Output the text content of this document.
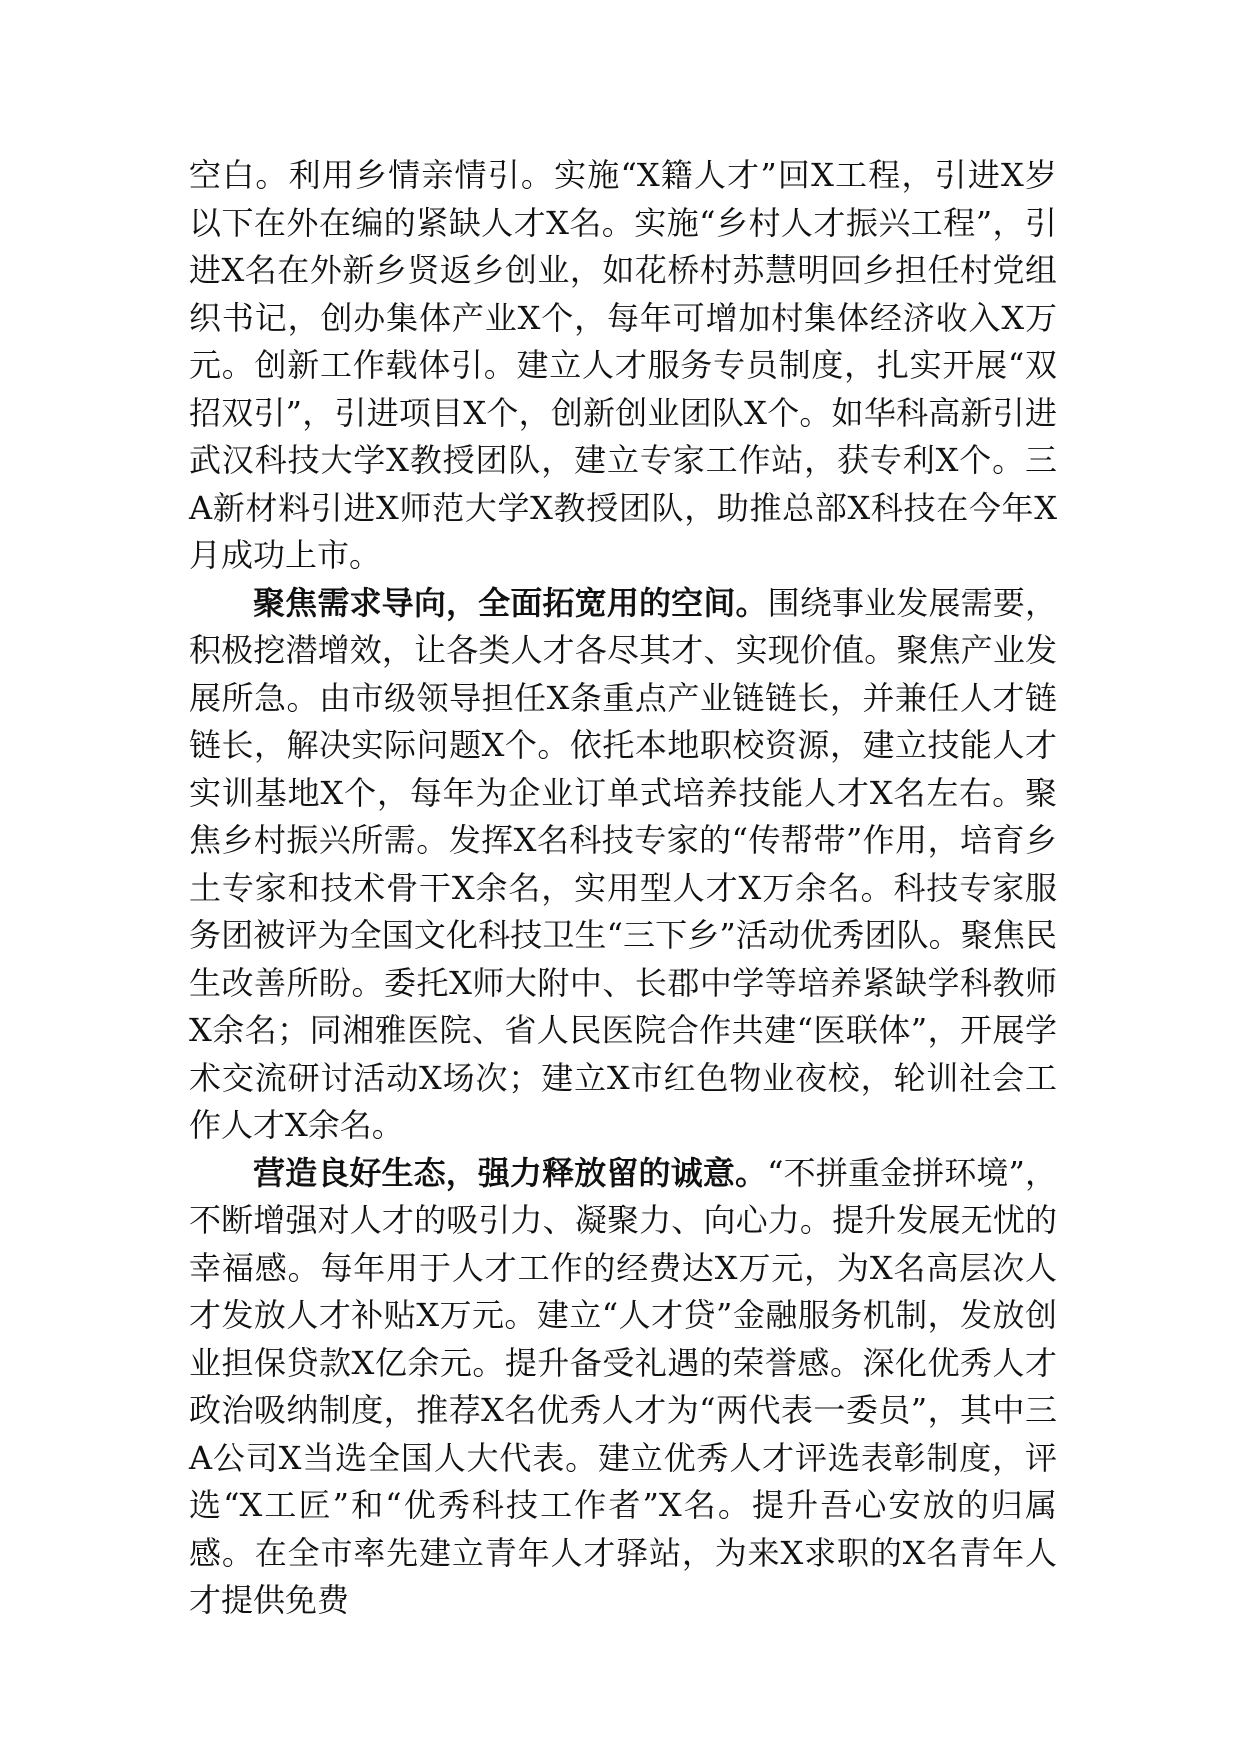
空白。利用乡情亲情引。实施“X籍人才”回X工程，引进X岁以下在外在编的紧缺人才X名。实施“乡村人才振兴工程”，引进X名在外新乡贤返乡创业，如花桥村苏慧明回乡担任村党组织书记，创办集体产业X个，每年可增加村集体经济收入X万元。创新工作载体引。建立人才服务专员制度，扎实开展“双招双引”，引进项目X个，创新创业团队X个。如华科高新引进武汉科技大学X教授团队，建立专家工作站，获专利X个。三A新材料引进X师范大学X教授团队，助推总部X科技在今年X月成功上市。

聚焦需求导向，全面拓宽用的空间。围绕事业发展需要，积极挖潜增效，让各类人才各尽其才、实现价值。聚焦产业发展所急。由市级领导担任X条重点产业链链长，并兼任人才链链长，解决实际问题X个。依托本地职校资源，建立技能人才实训基地X个，每年为企业订单式培养技能人才X名左右。聚焦乡村振兴所需。发挥X名科技专家的“传帮带”作用，培育乡土专家和技术骨干X余名，实用型人才X万余名。科技专家服务团被评为全国文化科技卫生“三下乡”活动优秀团队。聚焦民生改善所盼。委托X师大附中、长郡中学等培养紧缺学科教师X余名；同湘雅医院、省人民医院合作共建“医联体”，开展学术交流研讨活动X场次；建立X市红色物业夜校，轮训社会工作人才X余名。

营造良好生态，强力释放留的诚意。“不拼重金拼环境”，不断增强对人才的吸引力、凝聚力、向心力。提升发展无忧的幸福感。每年用于人才工作的经费达X万元，为X名高层次人才发放人才补贴X万元。建立“人才贷”金融服务机制，发放创业担保贷款X亿余元。提升备受礼遇的荣誉感。深化优秀人才政治吸纳制度，推荐X名优秀人才为“两代表一委员”，其中三A公司X当选全国人大代表。建立优秀人才评选表彰制度，评选“X工匠”和“优秀科技工作者”X名。提升吾心安放的归属感。在全市率先建立青年人才驿站，为来X求职的X名青年人才提供免费
